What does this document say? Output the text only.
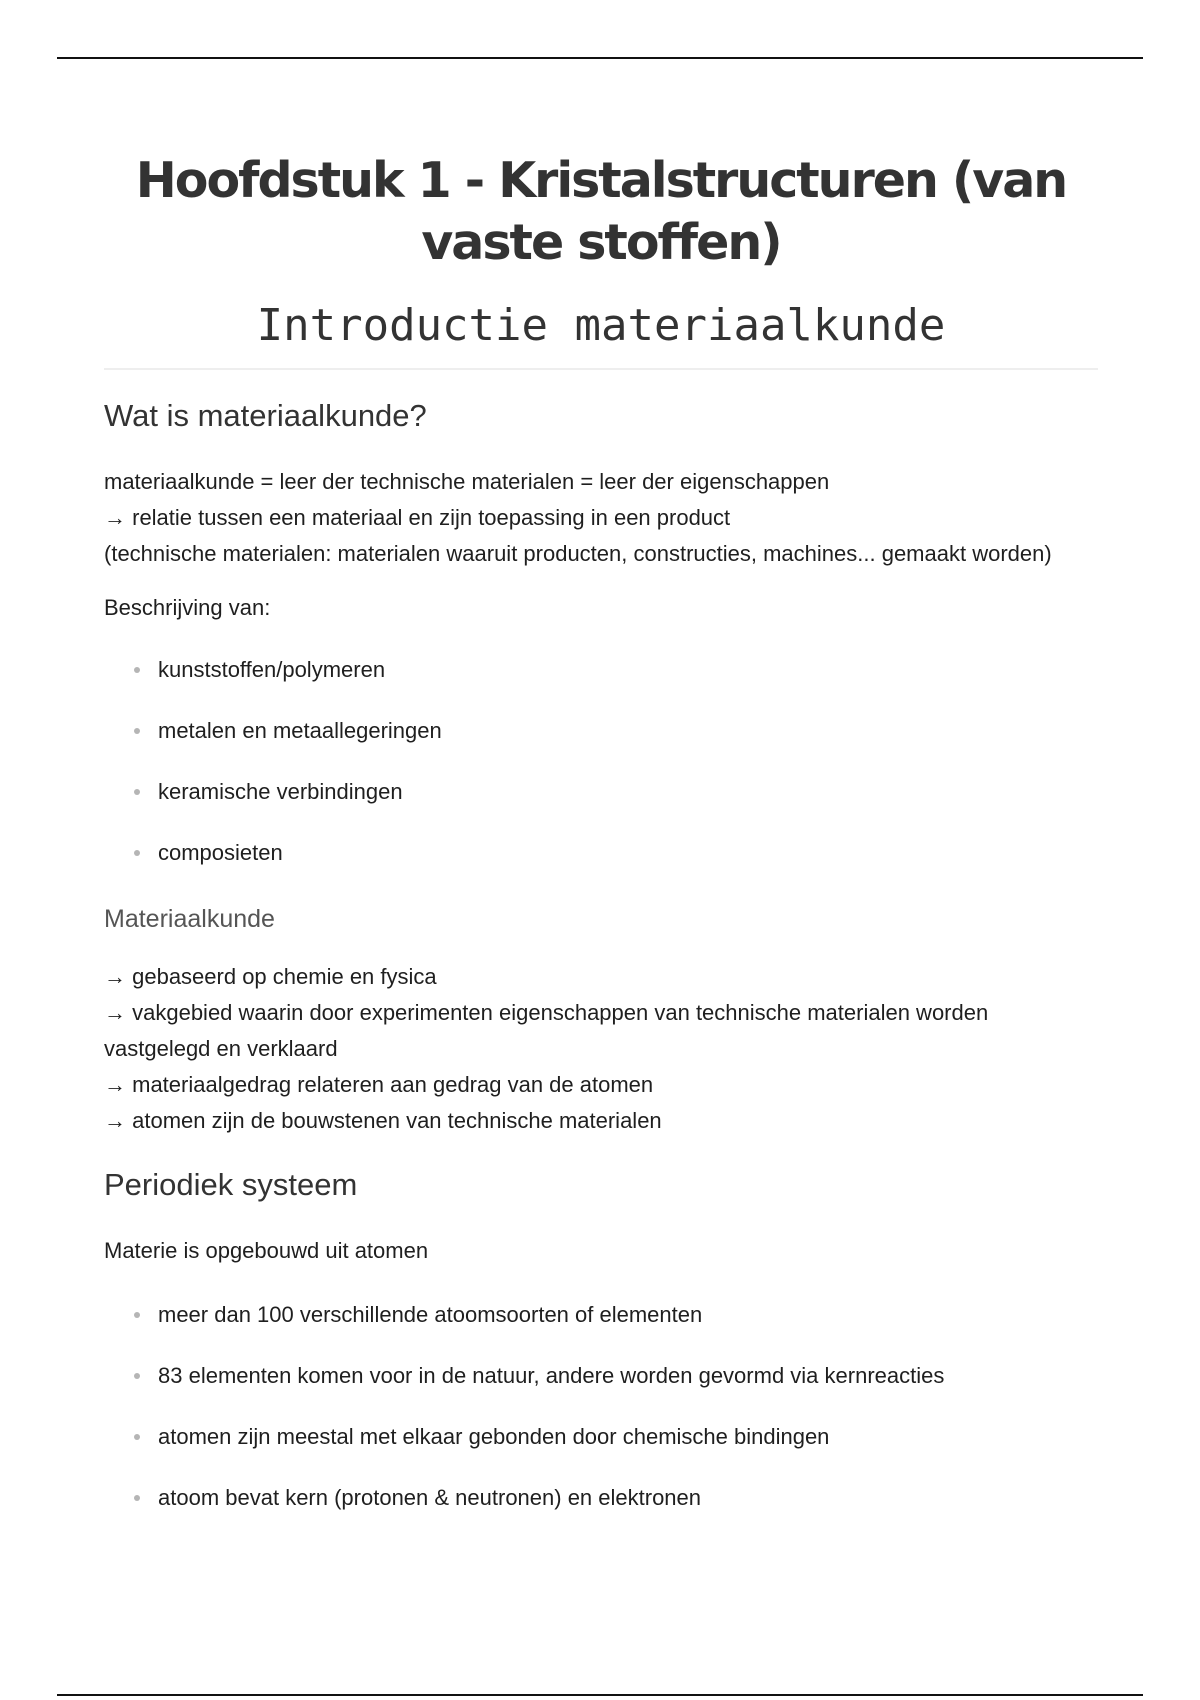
Hoofdstuk 1 - Kristalstructuren (van vaste stoffen)
Introductie materiaalkunde
Wat is materiaalkunde?

materiaalkunde = leer der technische materialen = leer der eigenschappen
→ relatie tussen een materiaal en zijn toepassing in een product
(technische materialen: materialen waaruit producten, constructies, machines... gemaakt worden)

Beschrijving van:

kunststoffen/polymeren
metalen en metaallegeringen
keramische verbindingen
composieten
Materiaalkunde

→ gebaseerd op chemie en fysica
→ vakgebied waarin door experimenten eigenschappen van technische materialen worden vastgelegd en verklaard
→ materiaalgedrag relateren aan gedrag van de atomen
→ atomen zijn de bouwstenen van technische materialen

Periodiek systeem

Materie is opgebouwd uit atomen

meer dan 100 verschillende atoomsoorten of elementen
83 elementen komen voor in de natuur, andere worden gevormd via kernreacties
atomen zijn meestal met elkaar gebonden door chemische bindingen
atoom bevat kern (protonen & neutronen) en elektronen
